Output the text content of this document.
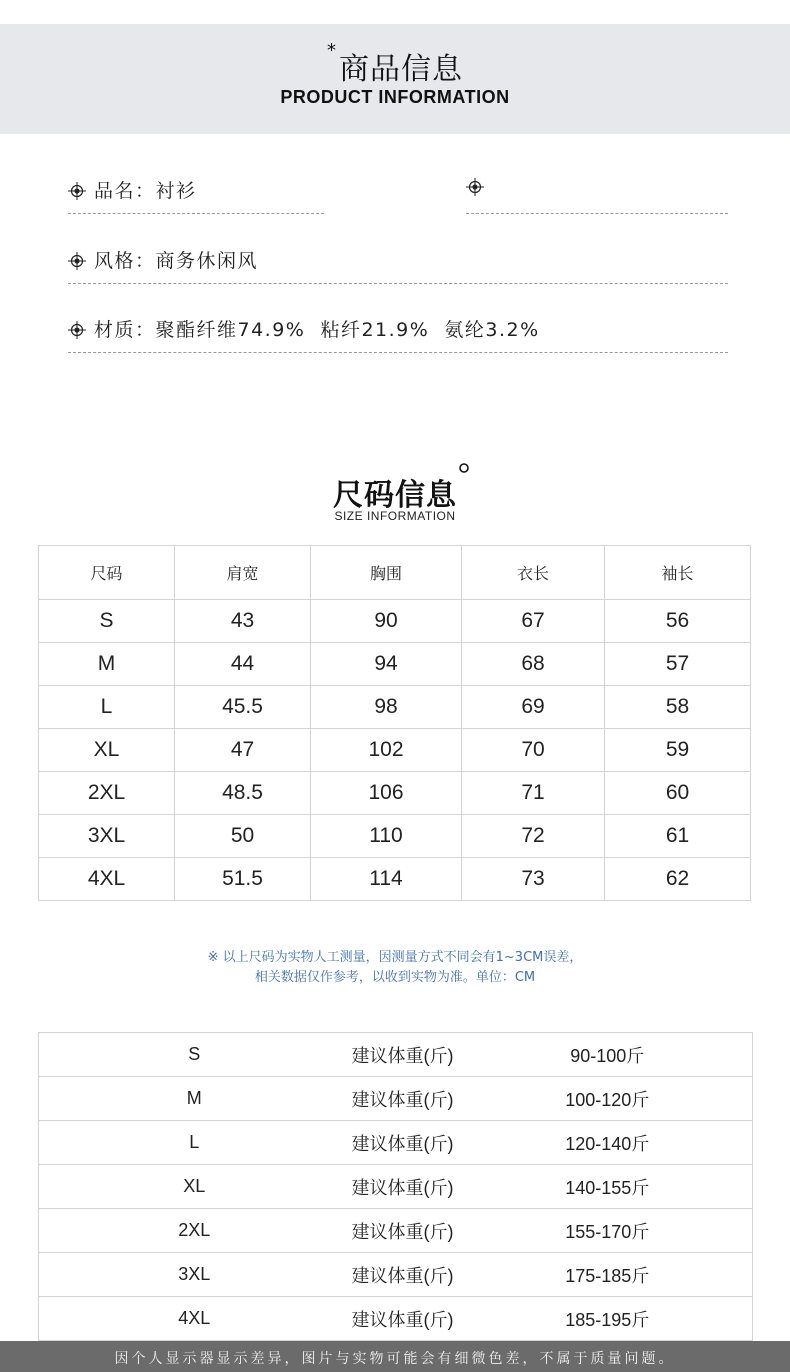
*商品信息
PRODUCT INFORMATION
品名：衬衫
风格：商务休闲风
材质：聚酯纤维74.9%  粘纤21.9%  氨纶3.2%
尺码信息
SIZE INFORMATION
尺码	肩宽	胸围	衣长	袖长
S	43	90	67	56
M	44	94	68	57
L	45.5	98	69	58
XL	47	102	70	59
2XL	48.5	106	71	60
3XL	50	110	72	61
4XL	51.5	114	73	62
※ 以上尺码为实物人工测量，因测量方式不同会有1~3CM误差，
相关数据仅作参考，以收到实物为准。单位：CM
S	建议体重(斤)	90-100斤
M	建议体重(斤)	100-120斤
L	建议体重(斤)	120-140斤
XL	建议体重(斤)	140-155斤
2XL	建议体重(斤)	155-170斤
3XL	建议体重(斤)	175-185斤
4XL	建议体重(斤)	185-195斤
因个人显示器显示差异，图片与实物可能会有细微色差，不属于质量问题。
